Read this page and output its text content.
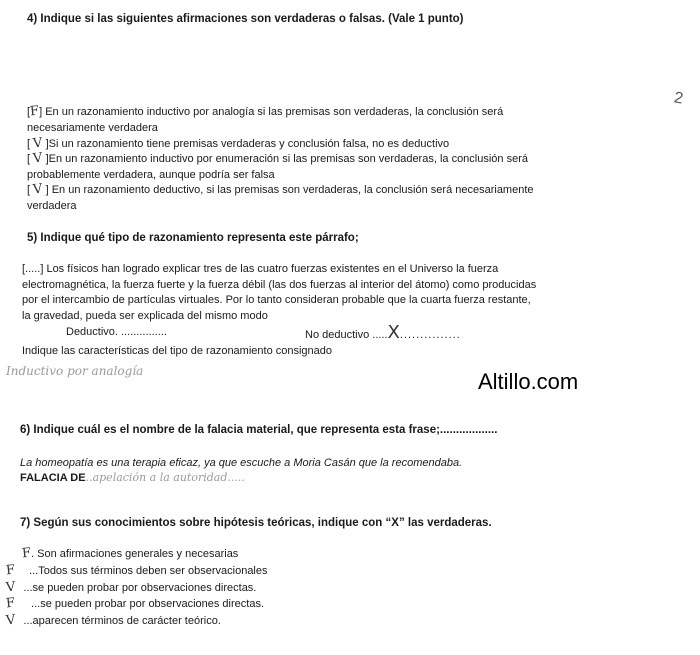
4) Indique si las siguientes afirmaciones son verdaderas o falsas. (Vale 1 punto)
2
[F] En un razonamiento inductivo por analogía si las premisas son verdaderas, la conclusión será
necesariamente verdadera
[ V ]Si un razonamiento tiene premisas verdaderas y conclusión falsa, no es deductivo
[ V ]En un razonamiento inductivo por enumeración si las premisas son verdaderas, la conclusión será
probablemente verdadera, aunque podría ser falsa
[ V ] En un razonamiento deductivo, si las premisas son verdaderas, la conclusión será necesariamente
verdadera
5) Indique qué tipo de razonamiento representa este párrafo;
[.....] Los físicos han logrado explicar tres de las cuatro fuerzas existentes en el Universo la fuerza
electromagnética, la fuerza fuerte y la fuerza débil (las dos fuerzas al interior del átomo) como producidas
por el intercambio de partículas virtuales. Por lo tanto consideran probable que la cuarta fuerza restante,
la gravedad, pueda ser explicada del mismo modo
Deductivo. ...............	No deductivo .....X...............
Indique las características del tipo de razonamiento consignado
Inductivo por analogía	Altillo.com
6) Indique cuál es el nombre de la falacia material, que representa esta frase;..................
La homeopatía es una terapia eficaz, ya que escuche a Moria Casán que la recomendaba.
FALACIA DE..apelación a la autoridad.....
7) Según sus conocimientos sobre hipótesis teóricas, indique con “X” las verdaderas.
F. Son afirmaciones generales y necesarias
F ...Todos sus términos deben ser observacionales
V ...se pueden probar por observaciones directas.
F ...se pueden probar por observaciones directas.
V ...aparecen términos de carácter teórico.
